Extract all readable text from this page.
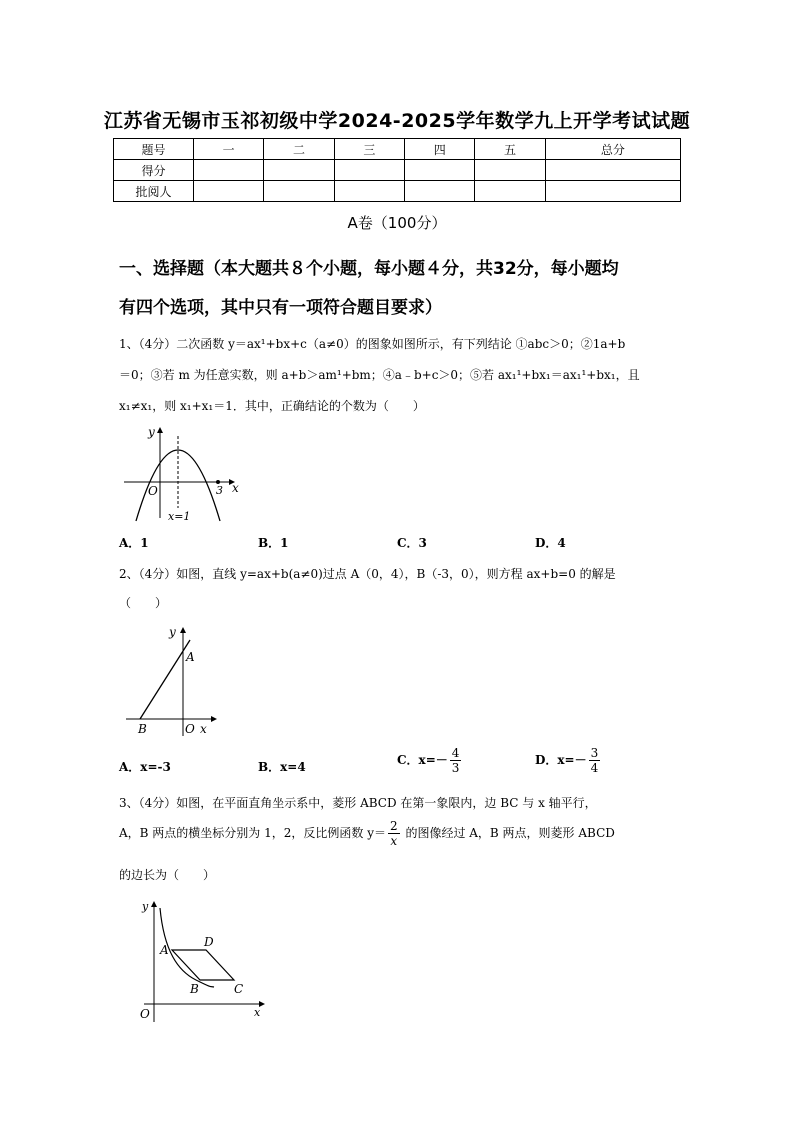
江苏省无锡市玉祁初级中学2024-2025学年数学九上开学考试试题
题号	一	二	三	四	五	总分
得分						
批阅人						
A卷（100分）
一、选择题（本大题共８个小题，每小题４分，共32分，每小题均
有四个选项，其中只有一项符合题目要求）
1、（4分）二次函数 y＝ax¹+bx+c（a≠0）的图象如图所示，有下列结论 ①abc＞0；②1a+b
＝0；③若 m 为任意实数，则 a+b＞am¹+bm；④a﹣b+c＞0；⑤若 ax₁¹+bx₁＝ax₁¹+bx₁，且
x₁≠x₁，则 x₁+x₁＝1．其中，正确结论的个数为（　　）
y
x
O	3
x=1
A．1	B．1	C．3	D．4
2、（4分）如图，直线 y=ax+b(a≠0)过点 A（0，4），B（-3，0），则方程 ax+b=0 的解是
（　　）
y
A
B	O x
A．x=-3	B．x=4	C．$x=- \frac{4}{3}$	D．$x=- \frac{3}{4}$
3、（4分）如图，在平面直角坐示系中，菱形 ABCD 在第一象限内，边 BC 与 x 轴平行，
A，B 两点的横坐标分别为 1，2，反比例函数 $y= \frac{2}{x}$ 的图像经过 A，B 两点，则菱形 ABCD
的边长为（　　）
y
A
D
B	C
O	x
